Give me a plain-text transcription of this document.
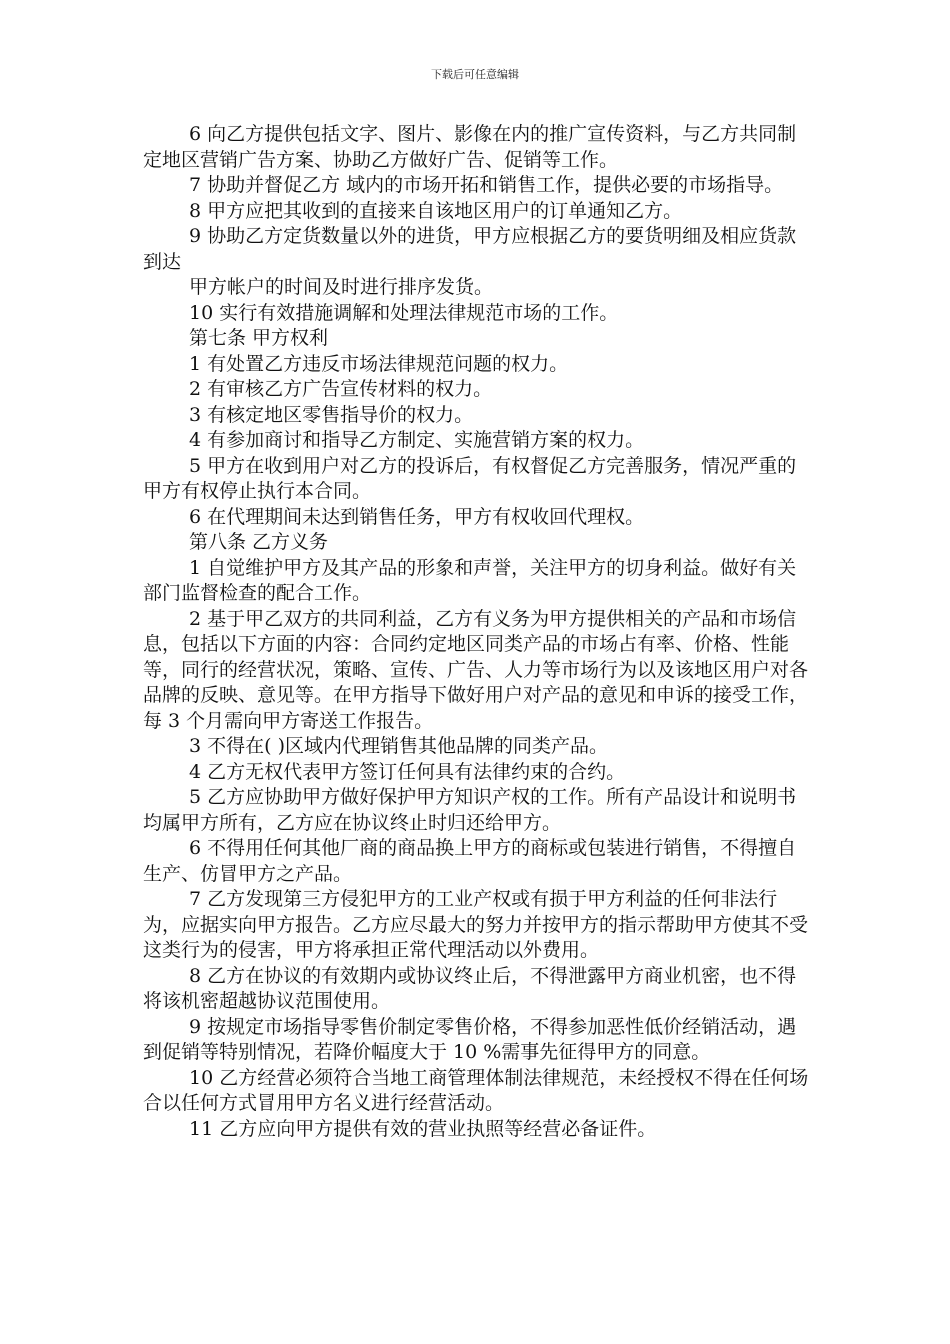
下载后可任意编辑

6 向乙方提供包括文字、图片、影像在内的推广宣传资料，与乙方共同制定地区营销广告方案、协助乙方做好广告、促销等工作。

7 协助并督促乙方 域内的市场开拓和销售工作，提供必要的市场指导。

8 甲方应把其收到的直接来自该地区用户的订单通知乙方。

9 协助乙方定货数量以外的进货，甲方应根据乙方的要货明细及相应货款到达

甲方帐户的时间及时进行排序发货。

10 实行有效措施调解和处理法律规范市场的工作。

第七条 甲方权利

1 有处置乙方违反市场法律规范问题的权力。

2 有审核乙方广告宣传材料的权力。

3 有核定地区零售指导价的权力。

4 有参加商讨和指导乙方制定、实施营销方案的权力。

5 甲方在收到用户对乙方的投诉后，有权督促乙方完善服务，情况严重的甲方有权停止执行本合同。

6 在代理期间未达到销售任务，甲方有权收回代理权。

第八条 乙方义务

1 自觉维护甲方及其产品的形象和声誉，关注甲方的切身利益。做好有关部门监督检查的配合工作。

2 基于甲乙双方的共同利益，乙方有义务为甲方提供相关的产品和市场信息，包括以下方面的内容：合同约定地区同类产品的市场占有率、价格、性能等，同行的经营状况，策略、宣传、广告、人力等市场行为以及该地区用户对各品牌的反映、意见等。在甲方指导下做好用户对产品的意见和申诉的接受工作，每 3 个月需向甲方寄送工作报告。

3 不得在( )区域内代理销售其他品牌的同类产品。

4 乙方无权代表甲方签订任何具有法律约束的合约。

5 乙方应协助甲方做好保护甲方知识产权的工作。所有产品设计和说明书均属甲方所有，乙方应在协议终止时归还给甲方。

6 不得用任何其他厂商的商品换上甲方的商标或包装进行销售，不得擅自生产、仿冒甲方之产品。

7 乙方发现第三方侵犯甲方的工业产权或有损于甲方利益的任何非法行为，应据实向甲方报告。乙方应尽最大的努力并按甲方的指示帮助甲方使其不受这类行为的侵害，甲方将承担正常代理活动以外费用。

8 乙方在协议的有效期内或协议终止后，不得泄露甲方商业机密，也不得将该机密超越协议范围使用。

9 按规定市场指导零售价制定零售价格，不得参加恶性低价经销活动，遇到促销等特别情况，若降价幅度大于 10 %需事先征得甲方的同意。

10 乙方经营必须符合当地工商管理体制法律规范，未经授权不得在任何场合以任何方式冒用甲方名义进行经营活动。

11 乙方应向甲方提供有效的营业执照等经营必备证件。
